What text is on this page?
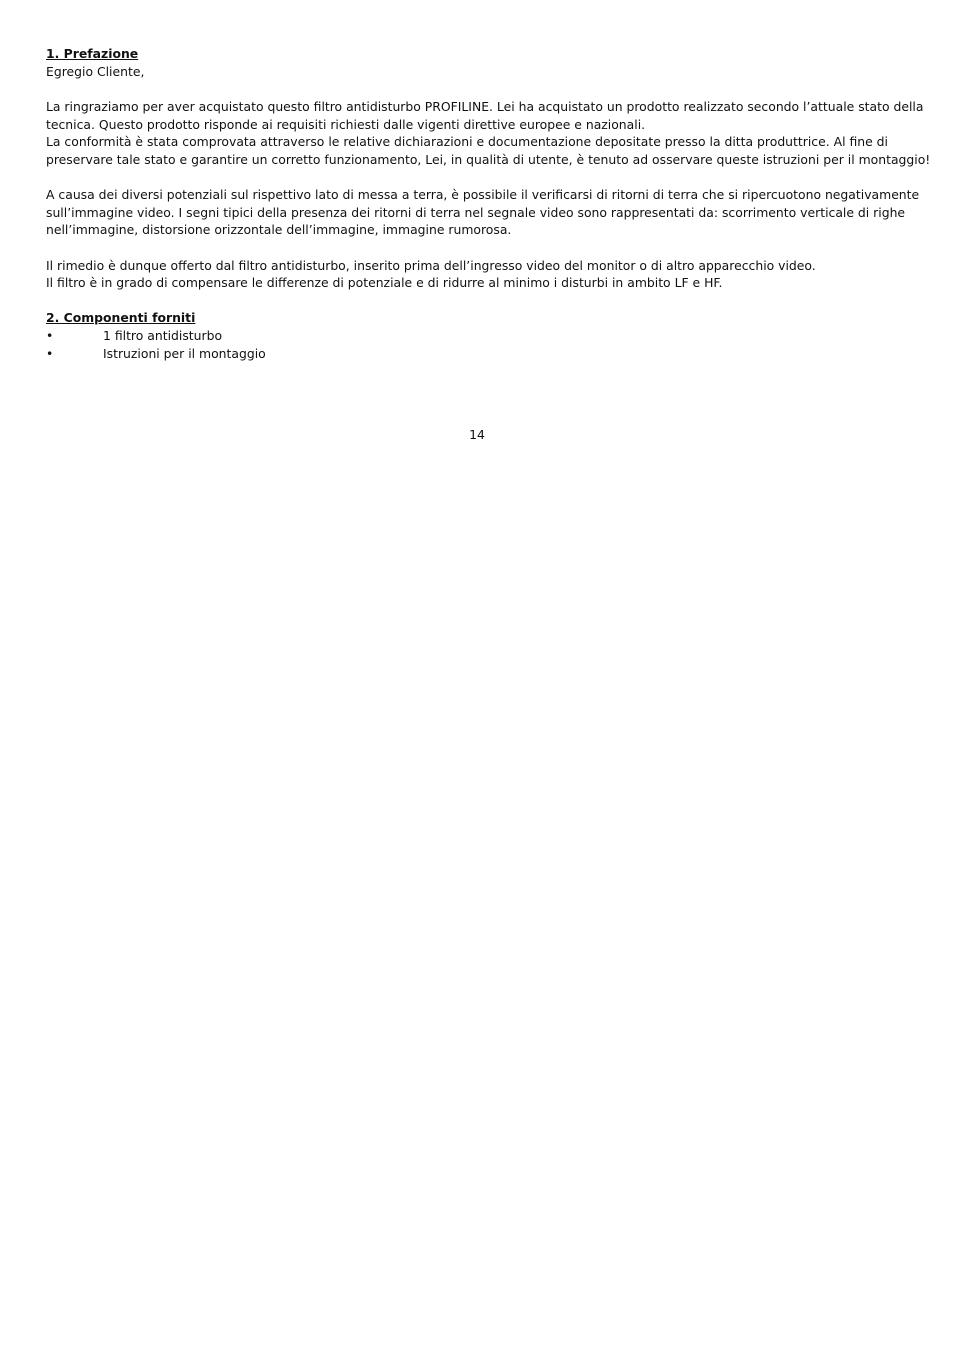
1. Prefazione

Egregio Cliente,

La ringraziamo per aver acquistato questo filtro antidisturbo PROFILINE. Lei ha acquistato un prodotto realizzato secondo l’attuale stato della

tecnica. Questo prodotto risponde ai requisiti richiesti dalle vigenti direttive europee e nazionali.

La conformità è stata comprovata attraverso le relative dichiarazioni e documentazione depositate presso la ditta produttrice. Al fine di

preservare tale stato e garantire un corretto funzionamento, Lei, in qualità di utente, è tenuto ad osservare queste istruzioni per il montaggio!

A causa dei diversi potenziali sul rispettivo lato di messa a terra, è possibile il verificarsi di ritorni di terra che si ripercuotono negativamente

sull’immagine video. I segni tipici della presenza dei ritorni di terra nel segnale video sono rappresentati da: scorrimento verticale di righe

nell’immagine, distorsione orizzontale dell’immagine, immagine rumorosa.

Il rimedio è dunque offerto dal filtro antidisturbo, inserito prima dell’ingresso video del monitor o di altro apparecchio video.

Il filtro è in grado di compensare le differenze di potenziale e di ridurre al minimo i disturbi in ambito LF e HF.

2. Componenti forniti

•	1 filtro antidisturbo
•	Istruzioni per il montaggio
14
